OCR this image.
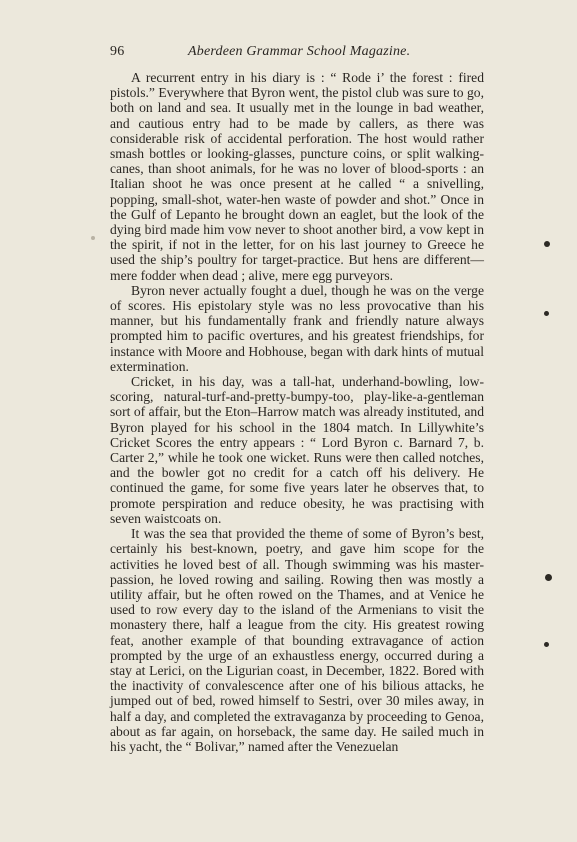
96	Aberdeen Grammar School Magazine.

A recurrent entry in his diary is : “ Rode i’ the forest : fired pistols.” Everywhere that Byron went, the pistol club was sure to go, both on land and sea. It usually met in the lounge in bad weather, and cautious entry had to be made by callers, as there was considerable risk of accidental perforation. The host would rather smash bottles or looking-glasses, puncture coins, or split walking-canes, than shoot animals, for he was no lover of blood-sports : an Italian shoot he was once present at he called “ a snivelling, popping, small-shot, water-hen waste of powder and shot.” Once in the Gulf of Lepanto he brought down an eaglet, but the look of the dying bird made him vow never to shoot another bird, a vow kept in the spirit, if not in the letter, for on his last journey to Greece he used the ship’s poultry for target-practice. But hens are different—mere fodder when dead ; alive, mere egg purveyors.

Byron never actually fought a duel, though he was on the verge of scores. His epistolary style was no less provocative than his manner, but his fundamentally frank and friendly nature always prompted him to pacific overtures, and his greatest friendships, for instance with Moore and Hobhouse, began with dark hints of mutual extermination.

Cricket, in his day, was a tall-hat, underhand-bowling, low-scoring, natural-turf-and-pretty-bumpy-too, play-like-a-gentleman sort of affair, but the Eton–Harrow match was already instituted, and Byron played for his school in the 1804 match. In Lillywhite’s Cricket Scores the entry appears : “ Lord Byron c. Barnard 7, b. Carter 2,” while he took one wicket. Runs were then called notches, and the bowler got no credit for a catch off his delivery. He continued the game, for some five years later he observes that, to promote perspiration and reduce obesity, he was practising with seven waistcoats on.

It was the sea that provided the theme of some of Byron’s best, certainly his best-known, poetry, and gave him scope for the activities he loved best of all. Though swimming was his master-passion, he loved rowing and sailing. Rowing then was mostly a utility affair, but he often rowed on the Thames, and at Venice he used to row every day to the island of the Armenians to visit the monastery there, half a league from the city. His greatest rowing feat, another example of that bounding extravagance of action prompted by the urge of an exhaustless energy, occurred during a stay at Lerici, on the Ligurian coast, in December, 1822. Bored with the inactivity of convalescence after one of his bilious attacks, he jumped out of bed, rowed himself to Sestri, over 30 miles away, in half a day, and completed the extravaganza by proceeding to Genoa, about as far again, on horseback, the same day. He sailed much in his yacht, the “ Bolivar,” named after the Venezuelan
